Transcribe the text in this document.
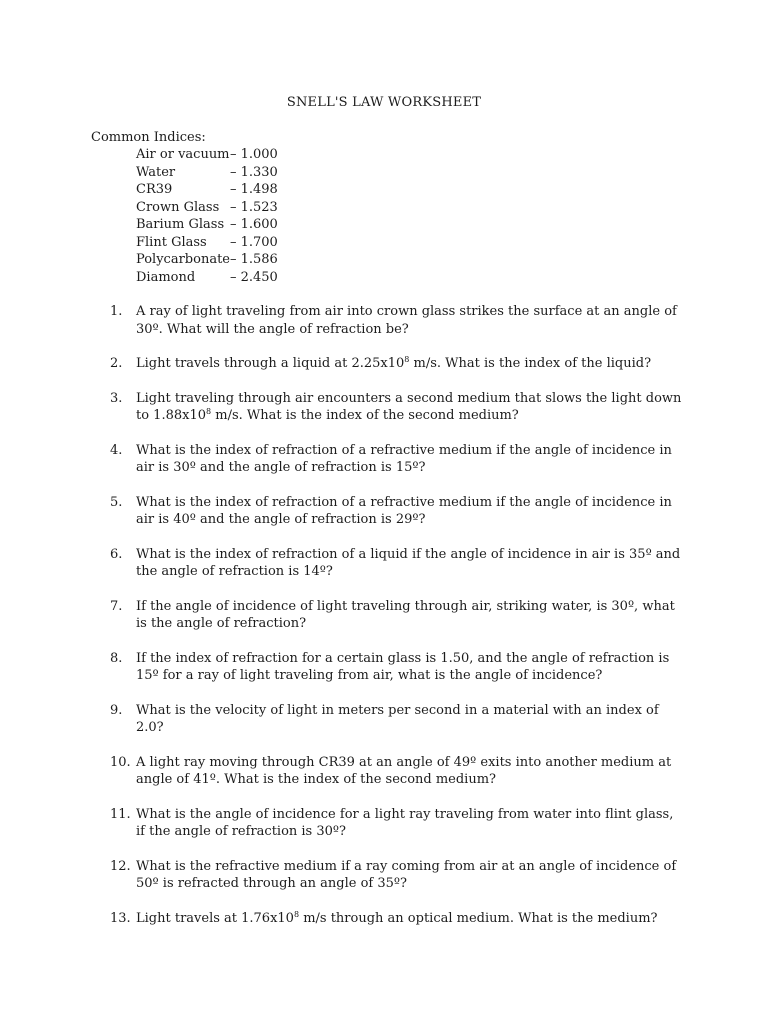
SNELL'S LAW WORKSHEET
Common Indices:
Air or vacuum	– 1.000
Water	– 1.330
CR39	– 1.498
Crown Glass	– 1.523
Barium Glass	– 1.600
Flint Glass	– 1.700
Polycarbonate	– 1.586
Diamond	– 2.450
1.	A ray of light traveling from air into crown glass strikes the surface at an angle of 30º. What will the angle of refraction be?
2.	Light travels through a liquid at $2.25x10^8$ m/s. What is the index of the liquid?
3.	Light traveling through air encounters a second medium that slows the light down to $1.88x10^8$ m/s. What is the index of the second medium?
4.	What is the index of refraction of a refractive medium if the angle of incidence in air is 30º and the angle of refraction is 15º?
5.	What is the index of refraction of a refractive medium if the angle of incidence in air is 40º and the angle of refraction is 29º?
6.	What is the index of refraction of a liquid if the angle of incidence in air is 35º and the angle of refraction is 14º?
7.	If the angle of incidence of light traveling through air, striking water, is 30º, what is the angle of refraction?
8.	If the index of refraction for a certain glass is 1.50, and the angle of refraction is 15º for a ray of light traveling from air, what is the angle of incidence?
9.	What is the velocity of light in meters per second in a material with an index of 2.0?
10. A light ray moving through CR39 at an angle of 49º exits into another medium at angle of 41º. What is the index of the second medium?
11. What is the angle of incidence for a light ray traveling from water into flint glass, if the angle of refraction is 30º?
12. What is the refractive medium if a ray coming from air at an angle of incidence of 50º is refracted through an angle of 35º?
13. Light travels at $1.76x10^8$ m/s through an optical medium. What is the medium?
